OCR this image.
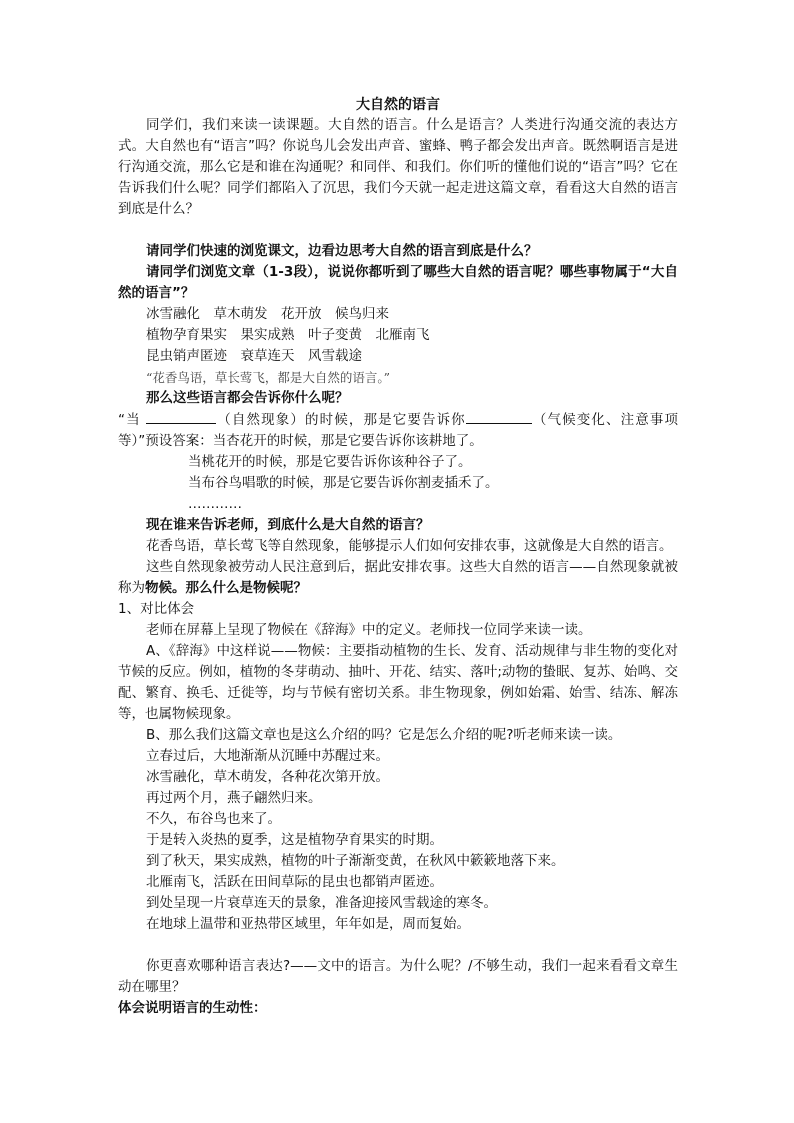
大自然的语言

同学们，我们来读一读课题。大自然的语言。什么是语言？人类进行沟通交流的表达方式。大自然也有“语言”吗？你说鸟儿会发出声音、蜜蜂、鸭子都会发出声音。既然啊语言是进行沟通交流，那么它是和谁在沟通呢？和同伴、和我们。你们听的懂他们说的“语言”吗？它在告诉我们什么呢？同学们都陷入了沉思，我们今天就一起走进这篇文章，看看这大自然的语言到底是什么？

请同学们快速的浏览课文，边看边思考大自然的语言到底是什么？

请同学们浏览文章（1-3段），说说你都听到了哪些大自然的语言呢？哪些事物属于“大自然的语言”？

冰雪融化　草木萌发　花开放　候鸟归来

植物孕育果实　果实成熟　叶子变黄　北雁南飞

昆虫销声匿迹　衰草连天　风雪载途

“花香鸟语，草长莺飞，都是大自然的语言。”

那么这些语言都会告诉你什么呢？

“当	（自然现象）的时候，那是它要告诉你	（气候变化、注意事项等）”预设答案：当杏花开的时候，那是它要告诉你该耕地了。

当桃花开的时候，那是它要告诉你该种谷子了。

当布谷鸟唱歌的时候，那是它要告诉你割麦插禾了。

…………

现在谁来告诉老师，到底什么是大自然的语言？

花香鸟语，草长莺飞等自然现象，能够提示人们如何安排农事，这就像是大自然的语言。

这些自然现象被劳动人民注意到后，据此安排农事。这些大自然的语言——自然现象就被称为物候。那么什么是物候呢？

1、对比体会

老师在屏幕上呈现了物候在《辞海》中的定义。老师找一位同学来读一读。

A、《辞海》中这样说——物候：主要指动植物的生长、发育、活动规律与非生物的变化对节候的反应。例如，植物的冬芽萌动、抽叶、开花、结实、落叶;动物的蛰眠、复苏、始鸣、交配、繁育、换毛、迁徙等，均与节候有密切关系。非生物现象，例如始霜、始雪、结冻、解冻等，也属物候现象。

B、那么我们这篇文章也是这么介绍的吗？它是怎么介绍的呢?听老师来读一读。

立春过后，大地渐渐从沉睡中苏醒过来。

冰雪融化，草木萌发，各种花次第开放。

再过两个月，燕子翩然归来。

不久，布谷鸟也来了。

于是转入炎热的夏季，这是植物孕育果实的时期。

到了秋天，果实成熟，植物的叶子渐渐变黄，在秋风中簌簌地落下来。

北雁南飞，活跃在田间草际的昆虫也都销声匿迹。

到处呈现一片衰草连天的景象，准备迎接风雪载途的寒冬。

在地球上温带和亚热带区域里，年年如是，周而复始。

你更喜欢哪种语言表达?——文中的语言。为什么呢？/不够生动，我们一起来看看文章生动在哪里？

体会说明语言的生动性：
